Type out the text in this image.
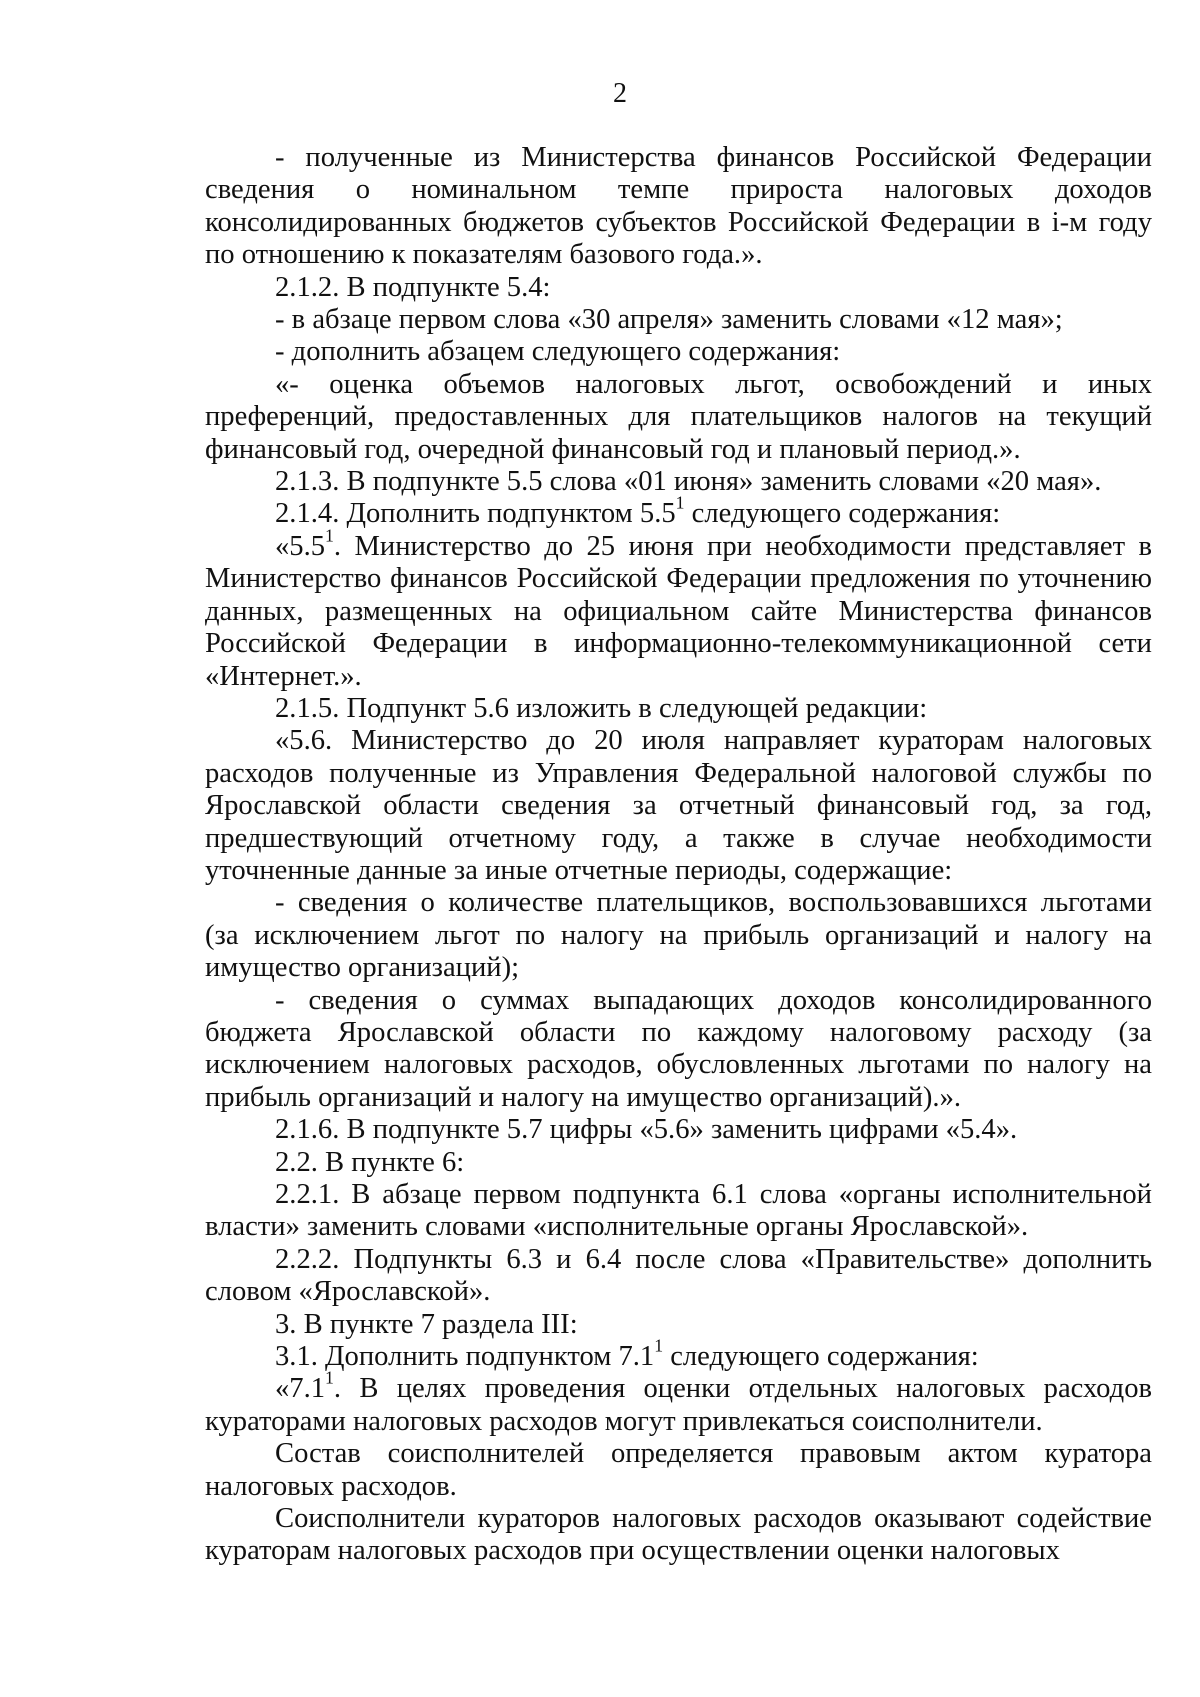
2

- полученные из Министерства финансов Российской Федерации сведения о номинальном темпе прироста налоговых доходов консолидированных бюджетов субъектов Российской Федерации в i-м году по отношению к показателям базового года.».

2.1.2. В подпункте 5.4:

- в абзаце первом слова «30 апреля» заменить словами «12 мая»;

- дополнить абзацем следующего содержания:

«- оценка объемов налоговых льгот, освобождений и иных преференций, предоставленных для плательщиков налогов на текущий финансовый год, очередной финансовый год и плановый период.».

2.1.3. В подпункте 5.5 слова «01 июня» заменить словами «20 мая».

2.1.4. Дополнить подпунктом $5.5^1$ следующего содержания:

«$5.5^1$. Министерство до 25 июня при необходимости представляет в Министерство финансов Российской Федерации предложения по уточнению данных, размещенных на официальном сайте Министерства финансов Российской Федерации в информационно-телекоммуникационной сети «Интернет.».

2.1.5. Подпункт 5.6 изложить в следующей редакции:

«5.6. Министерство до 20 июля направляет кураторам налоговых расходов полученные из Управления Федеральной налоговой службы по Ярославской области сведения за отчетный финансовый год, за год, предшествующий отчетному году, а также в случае необходимости уточненные данные за иные отчетные периоды, содержащие:

- сведения о количестве плательщиков, воспользовавшихся льготами (за исключением льгот по налогу на прибыль организаций и налогу на имущество организаций);

- сведения о суммах выпадающих доходов консолидированного бюджета Ярославской области по каждому налоговому расходу (за исключением налоговых расходов, обусловленных льготами по налогу на прибыль организаций и налогу на имущество организаций).».

2.1.6. В подпункте 5.7 цифры «5.6» заменить цифрами «5.4».

2.2. В пункте 6:

2.2.1. В абзаце первом подпункта 6.1 слова «органы исполнительной власти» заменить словами «исполнительные органы Ярославской».

2.2.2. Подпункты 6.3 и 6.4 после слова «Правительстве» дополнить словом «Ярославской».

3. В пункте 7 раздела III:

3.1. Дополнить подпунктом $7.1^1$ следующего содержания:

«$7.1^1$. В целях проведения оценки отдельных налоговых расходов кураторами налоговых расходов могут привлекаться соисполнители.

Состав соисполнителей определяется правовым актом куратора налоговых расходов.

Соисполнители кураторов налоговых расходов оказывают содействие кураторам налоговых расходов при осуществлении оценки налоговых
